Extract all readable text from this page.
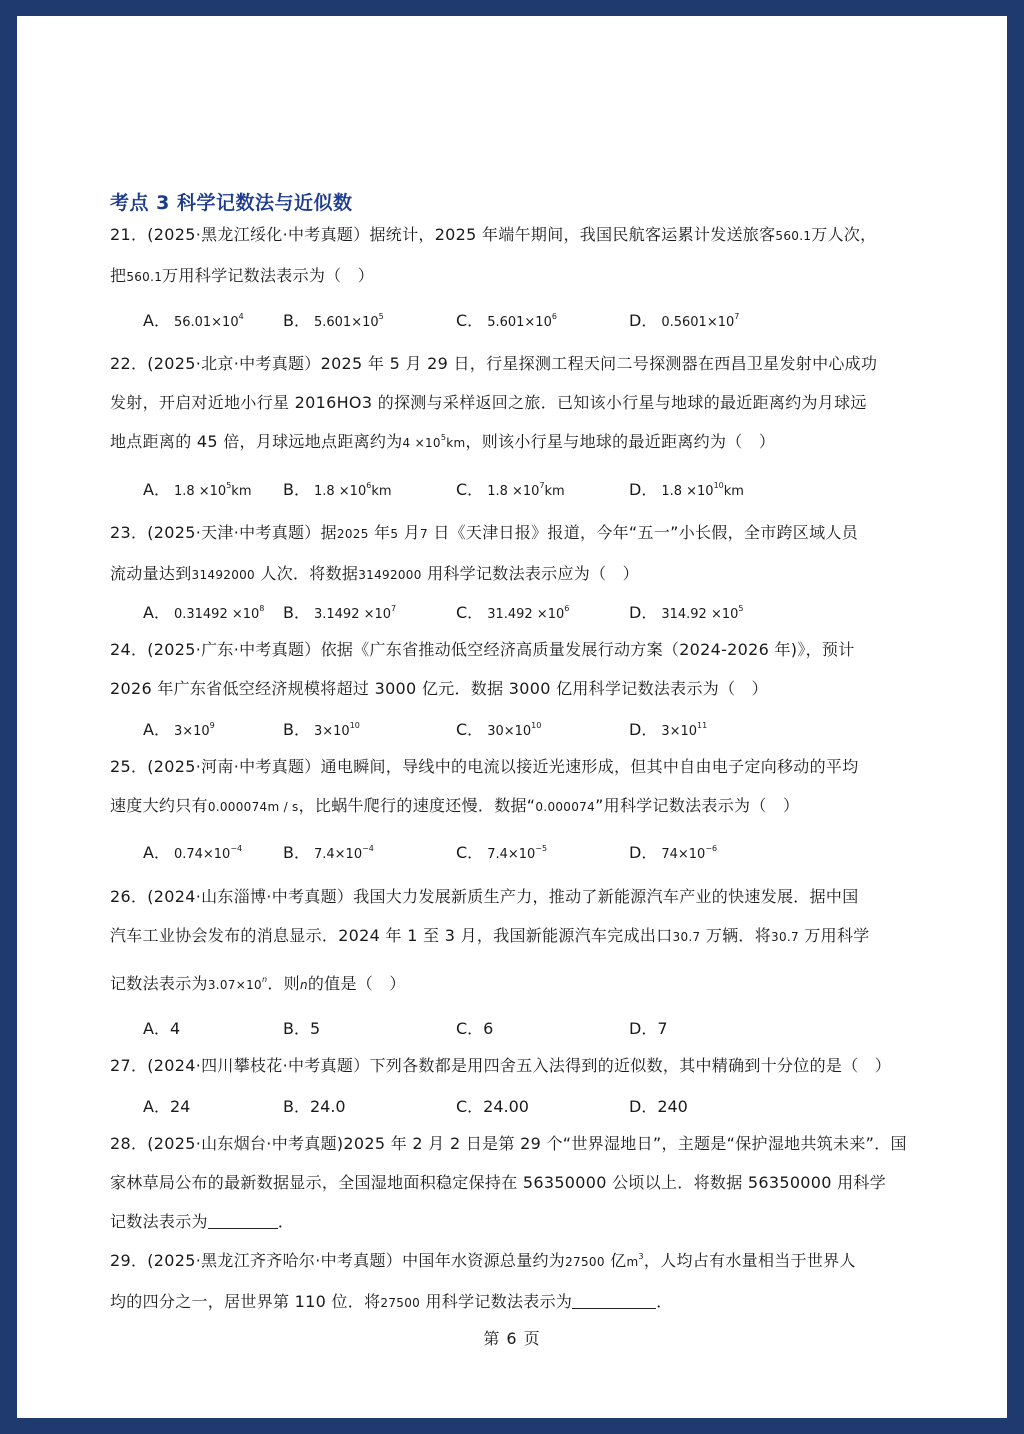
考点 3 科学记数法与近似数
21．(2025·黑龙江绥化·中考真题）据统计，2025 年端午期间，我国民航客运累计发送旅客560.1万人次，
把560.1万用科学记数法表示为（　）
A． $56.01\times 10^4$ B． $5.601\times 10^5$	C． $5.601\times 10^6$	D． $0.5601\times 10^7$
22．(2025·北京·中考真题）2025 年 5 月 29 日，行星探测工程天问二号探测器在西昌卫星发射中心成功
发射，开启对近地小行星 2016HO3 的探测与采样返回之旅．已知该小行星与地球的最近距离约为月球远
地点距离的 45 倍，月球远地点距离约为$4 \times 10^5km$，则该小行星与地球的最近距离约为（　）
A． $1.8 \times 10^5km$ B． $1.8 \times 10^6km$	C． $1.8 \times 10^7km$	D． $1.8 \times 10^{10}km$
23．(2025·天津·中考真题）据2025 年5 月7 日《天津日报》报道，今年“五一”小长假，全市跨区域人员
流动量达到31492000 人次．将数据31492000 用科学记数法表示应为（　）
A． $0.31492 \times 10^8$ B． $3.1492 \times 10^7$	C． $31.492 \times 10^6$	D． $314.92 \times 10^5$
24．(2025·广东·中考真题）依据《广东省推动低空经济高质量发展行动方案（2024-2026 年)》，预计
2026 年广东省低空经济规模将超过 3000 亿元．数据 3000 亿用科学记数法表示为（　）
A． $3\times 10^9$	B． $3\times 10^{10}$	C． $30\times 10^{10}$	D． $3\times 10^{11}$
25．(2025·河南·中考真题）通电瞬间，导线中的电流以接近光速形成，但其中自由电子定向移动的平均
速度大约只有0.000074m / s，比蜗牛爬行的速度还慢．数据“0.000074”用科学记数法表示为（　）
A． $0.74\times 10^{-4}$	B． $7.4\times 10^{-4}$	C． $7.4\times 10^{-5}$	D． $74\times 10^{-6}$
26．(2024·山东淄博·中考真题）我国大力发展新质生产力，推动了新能源汽车产业的快速发展．据中国
汽车工业协会发布的消息显示．2024 年 1 至 3 月，我国新能源汽车完成出口30.7 万辆．将30.7 万用科学
记数法表示为$3.07\times 10^n$．则n的值是（　）
A．4	B．5	C．6	D．7
27．(2024·四川攀枝花·中考真题）下列各数都是用四舍五入法得到的近似数，其中精确到十分位的是（　）
A．24	B．24.0	C．24.00	D．240
28．(2025·山东烟台·中考真题)2025 年 2 月 2 日是第 29 个“世界湿地日”，主题是“保护湿地共筑未来”．国
家林草局公布的最新数据显示，全国湿地面积稳定保持在 56350000 公顷以上．将数据 56350000 用科学
记数法表示为	．
29．(2025·黑龙江齐齐哈尔·中考真题）中国年水资源总量约为27500 亿$m^3$，人均占有水量相当于世界人
均的四分之一，居世界第 110 位．将27500 用科学记数法表示为	．
第 6 页
